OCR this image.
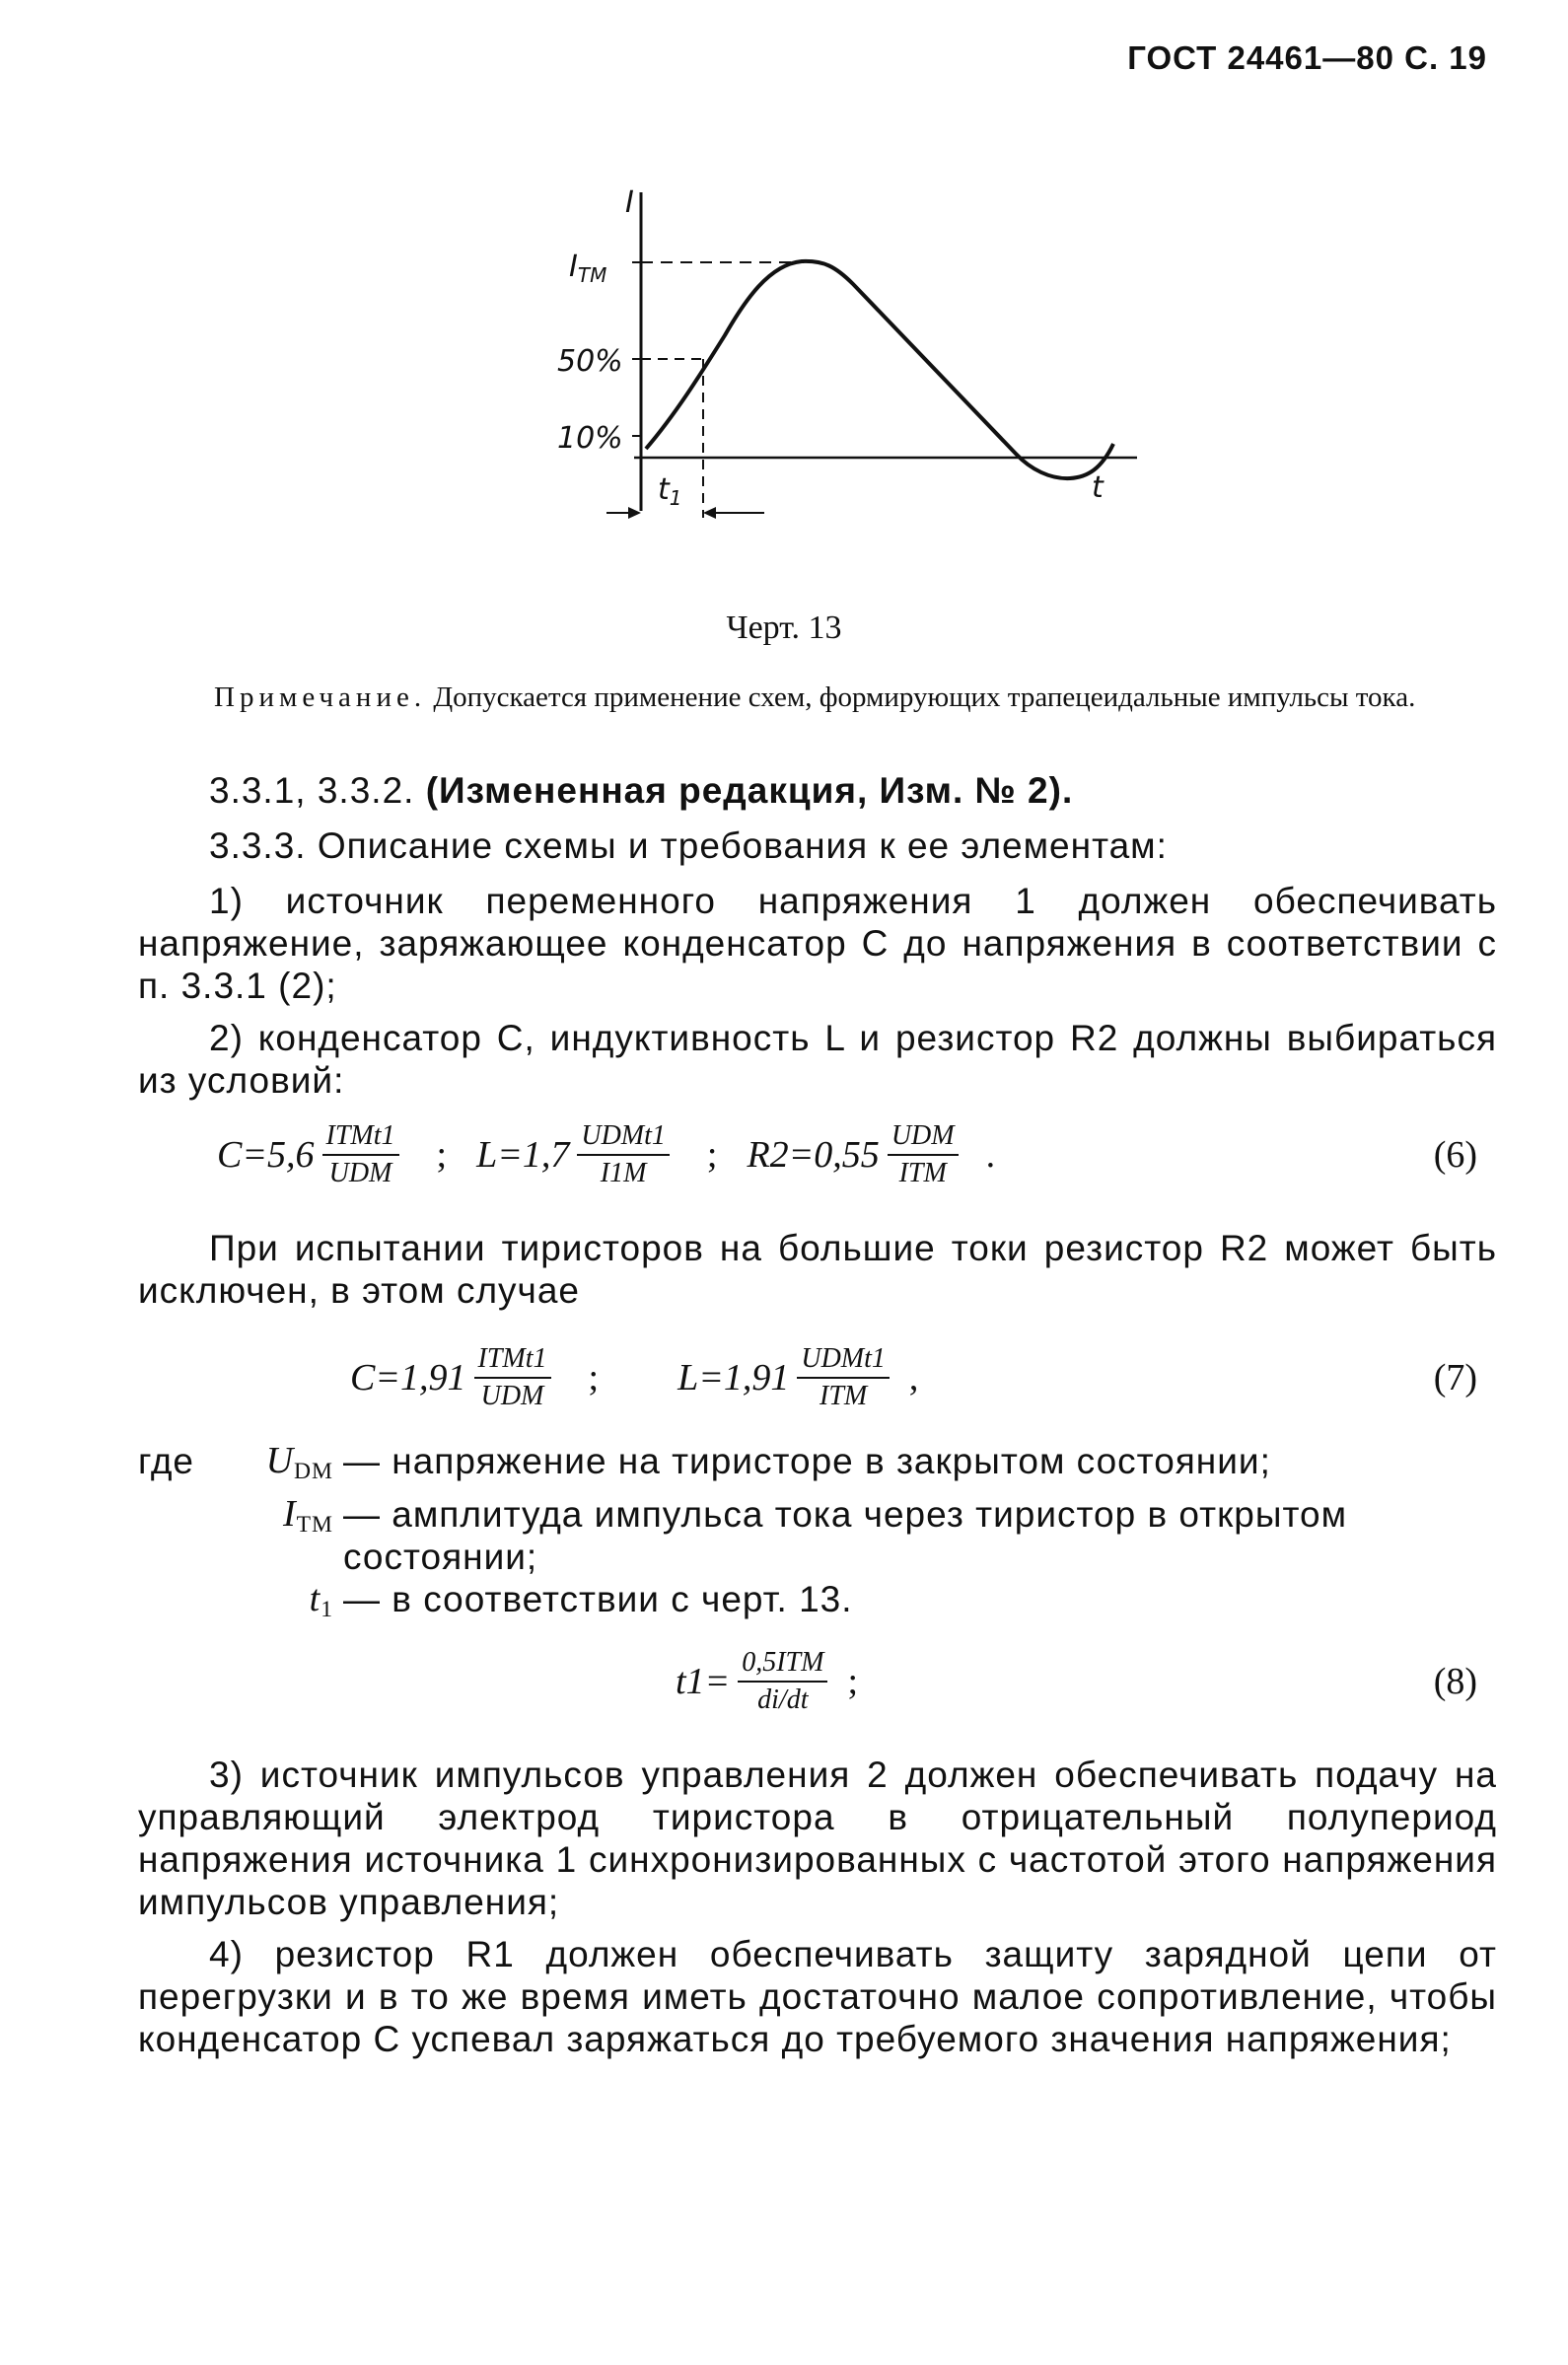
ГОСТ 24461—80 С. 19
I
$I_{TM}$
50%
10%
$t_1$	t
Черт. 13
Примечание. Допускается применение схем, формирующих трапецеидальные импульсы тока.
3.3.1, 3.3.2. (Измененная редакция, Изм. № 2).
3.3.3. Описание схемы и требования к ее элементам:
1) источник переменного напряжения 1 должен обеспечивать напряжение, заряжающее конденсатор C до напряжения в соответствии с п. 3.3.1 (2);
2) конденсатор C, индуктивность L и резистор R2 должны выбираться из условий:
$C=5,6 \frac{\text{ITMt1}}{\text{UDM}}$ ; $L=1,7 \frac{\text{UDMt1}}{I1M}$ ; $R2=0,55 \frac{\text{UDM}}{\text{ITM}}$ .	(6)
При испытании тиристоров на большие токи резистор R2 может быть исключен, в этом случае
$C=1,91 \frac{\text{ITMt1}}{\text{UDM}}$ ; $L=1,91 \frac{\text{UDMt1}}{\text{ITM}}$ ,	(7)
где	$U_{DM}$ — напряжение на тиристоре в закрытом состоянии;
$I_{TM}$ — амплитуда импульса тока через тиристор в открытом состоянии;
$t_1$ — в соответствии с черт. 13.
$t1= \frac{\text{0,5ITM}}{di/dt}$ ;	(8)
3) источник импульсов управления 2 должен обеспечивать подачу на управляющий электрод тиристора в отрицательный полупериод напряжения источника 1 синхронизированных с частотой этого напряжения импульсов управления;
4) резистор R1 должен обеспечивать защиту зарядной цепи от перегрузки и в то же время иметь достаточно малое сопротивление, чтобы конденсатор C успевал заряжаться до требуемого значения напряжения;
